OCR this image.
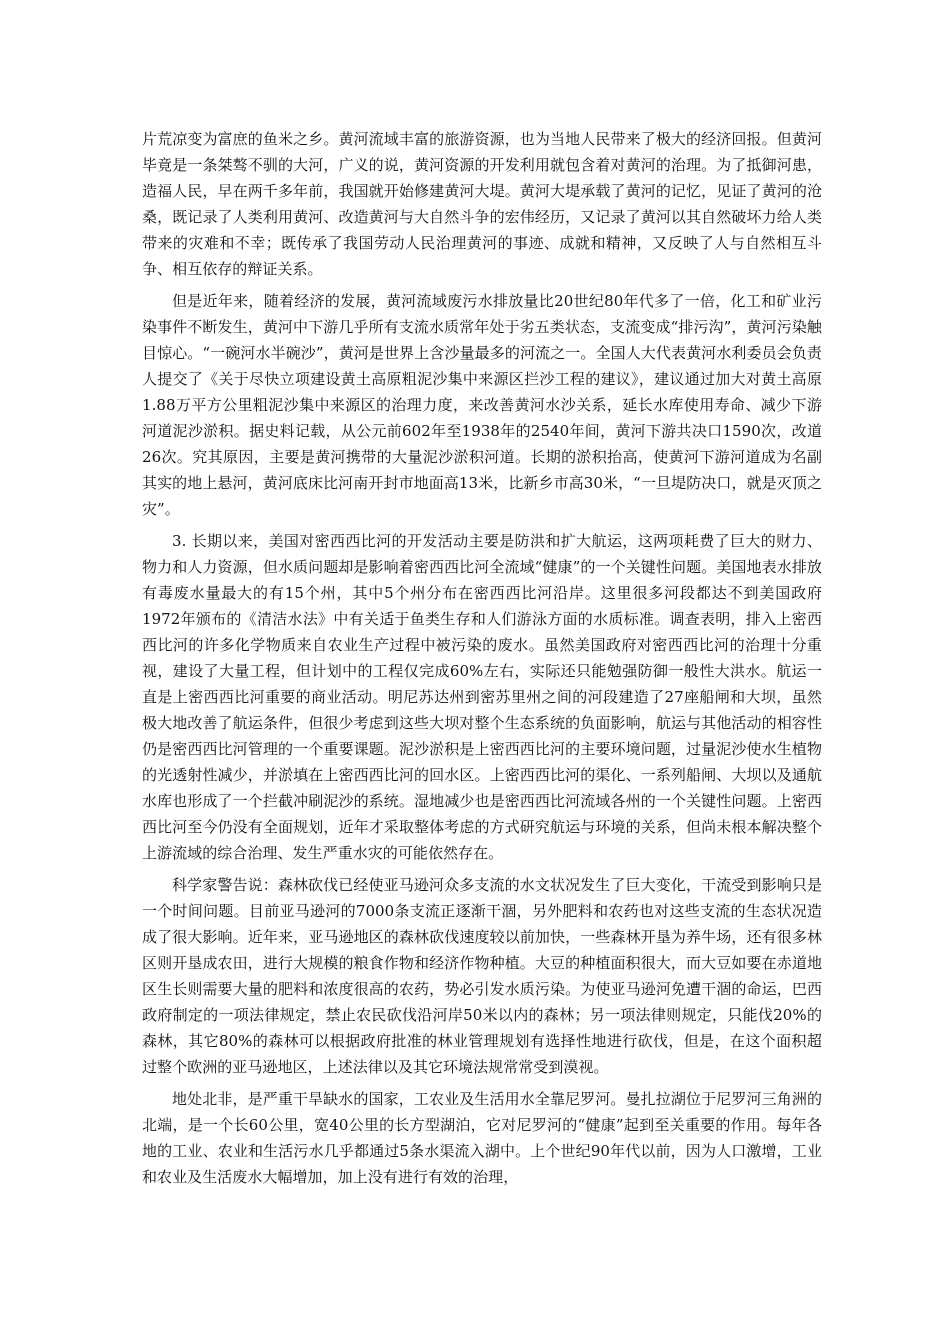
片荒凉变为富庶的鱼米之乡。黄河流域丰富的旅游资源，也为当地人民带来了极大的经济回报。但黄河毕竟是一条桀骜不驯的大河，广义的说，黄河资源的开发利用就包含着对黄河的治理。为了抵御河患，造福人民，早在两千多年前，我国就开始修建黄河大堤。黄河大堤承载了黄河的记忆，见证了黄河的沧桑，既记录了人类利用黄河、改造黄河与大自然斗争的宏伟经历，又记录了黄河以其自然破坏力给人类带来的灾难和不幸；既传承了我国劳动人民治理黄河的事迹、成就和精神，又反映了人与自然相互斗争、相互依存的辩证关系。

但是近年来，随着经济的发展，黄河流域废污水排放量比20世纪80年代多了一倍，化工和矿业污染事件不断发生，黄河中下游几乎所有支流水质常年处于劣五类状态，支流变成“排污沟”，黄河污染触目惊心。“一碗河水半碗沙”，黄河是世界上含沙量最多的河流之一。全国人大代表黄河水利委员会负责人提交了《关于尽快立项建设黄土高原粗泥沙集中来源区拦沙工程的建议》，建议通过加大对黄土高原1.88万平方公里粗泥沙集中来源区的治理力度，来改善黄河水沙关系，延长水库使用寿命、减少下游河道泥沙淤积。据史料记载，从公元前602年至1938年的2540年间，黄河下游共决口1590次，改道26次。究其原因，主要是黄河携带的大量泥沙淤积河道。长期的淤积抬高，使黄河下游河道成为名副其实的地上悬河，黄河底床比河南开封市地面高13米，比新乡市高30米，“一旦堤防决口，就是灭顶之灾”。

3. 长期以来，美国对密西西比河的开发活动主要是防洪和扩大航运，这两项耗费了巨大的财力、物力和人力资源，但水质问题却是影响着密西西比河全流域“健康”的一个关键性问题。美国地表水排放有毒废水量最大的有15个州，其中5个州分布在密西西比河沿岸。这里很多河段都达不到美国政府1972年颁布的《清洁水法》中有关适于鱼类生存和人们游泳方面的水质标准。调查表明，排入上密西西比河的许多化学物质来自农业生产过程中被污染的废水。虽然美国政府对密西西比河的治理十分重视，建设了大量工程，但计划中的工程仅完成60%左右，实际还只能勉强防御一般性大洪水。航运一直是上密西西比河重要的商业活动。明尼苏达州到密苏里州之间的河段建造了27座船闸和大坝，虽然极大地改善了航运条件，但很少考虑到这些大坝对整个生态系统的负面影响，航运与其他活动的相容性仍是密西西比河管理的一个重要课题。泥沙淤积是上密西西比河的主要环境问题，过量泥沙使水生植物的光透射性减少，并淤填在上密西西比河的回水区。上密西西比河的渠化、一系列船闸、大坝以及通航水库也形成了一个拦截冲刷泥沙的系统。湿地减少也是密西西比河流域各州的一个关键性问题。上密西西比河至今仍没有全面规划，近年才采取整体考虑的方式研究航运与环境的关系，但尚未根本解决整个上游流域的综合治理、发生严重水灾的可能依然存在。

科学家警告说：森林砍伐已经使亚马逊河众多支流的水文状况发生了巨大变化，干流受到影响只是一个时间问题。目前亚马逊河的7000条支流正逐渐干涸，另外肥料和农药也对这些支流的生态状况造成了很大影响。近年来，亚马逊地区的森林砍伐速度较以前加快，一些森林开垦为养牛场，还有很多林区则开垦成农田，进行大规模的粮食作物和经济作物种植。大豆的种植面积很大，而大豆如要在赤道地区生长则需要大量的肥料和浓度很高的农药，势必引发水质污染。为使亚马逊河免遭干涸的命运，巴西政府制定的一项法律规定，禁止农民砍伐沿河岸50米以内的森林；另一项法律则规定，只能伐20%的森林，其它80%的森林可以根据政府批准的林业管理规划有选择性地进行砍伐，但是，在这个面积超过整个欧洲的亚马逊地区，上述法律以及其它环境法规常常受到漠视。

地处北非，是严重干旱缺水的国家，工农业及生活用水全靠尼罗河。曼扎拉湖位于尼罗河三角洲的北端，是一个长60公里，宽40公里的长方型湖泊，它对尼罗河的“健康”起到至关重要的作用。每年各地的工业、农业和生活污水几乎都通过5条水渠流入湖中。上个世纪90年代以前，因为人口激增，工业和农业及生活废水大幅增加，加上没有进行有效的治理，
